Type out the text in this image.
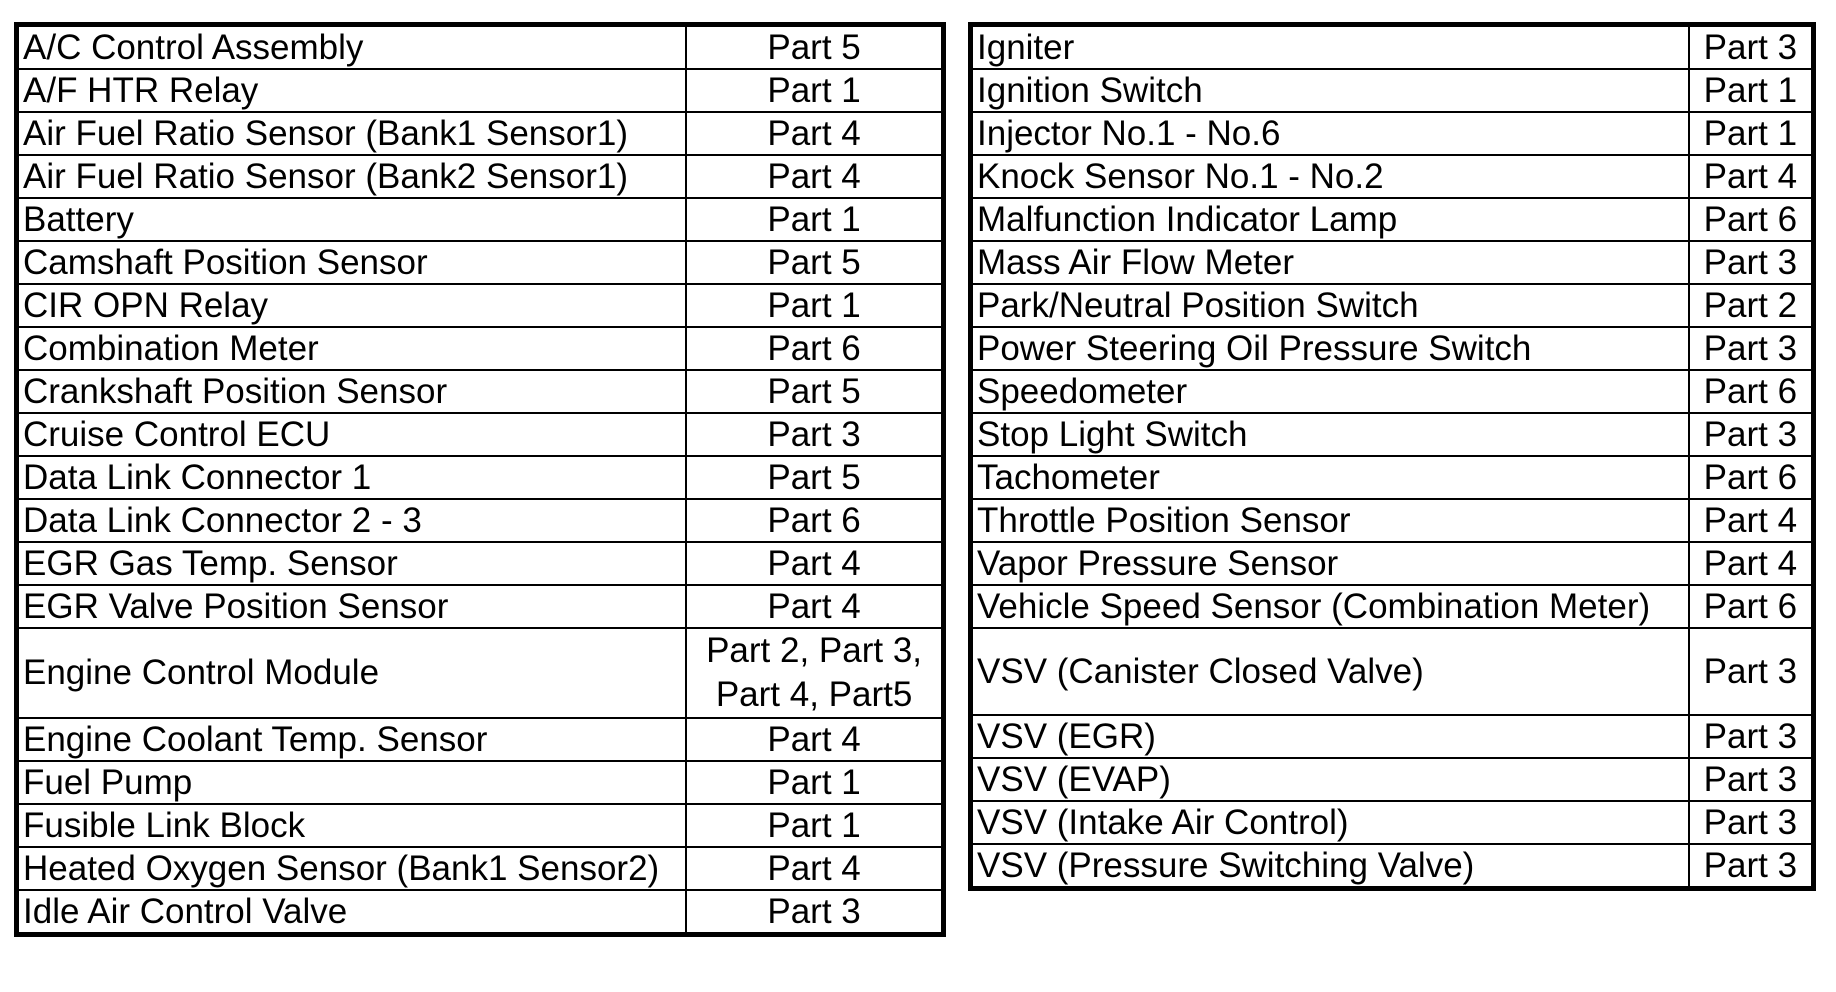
A/C Control Assembly	Part 5
A/F HTR Relay	Part 1
Air Fuel Ratio Sensor (Bank1 Sensor1)	Part 4
Air Fuel Ratio Sensor (Bank2 Sensor1)	Part 4
Battery	Part 1
Camshaft Position Sensor	Part 5
CIR OPN Relay	Part 1
Combination Meter	Part 6
Crankshaft Position Sensor	Part 5
Cruise Control ECU	Part 3
Data Link Connector 1	Part 5
Data Link Connector 2 - 3	Part 6
EGR Gas Temp. Sensor	Part 4
EGR Valve Position Sensor	Part 4
Engine Control Module	Part 2, Part 3,
Part 4, Part5

Engine Coolant Temp. Sensor	Part 4
Fuel Pump	Part 1
Fusible Link Block	Part 1
Heated Oxygen Sensor (Bank1 Sensor2)	Part 4
Idle Air Control Valve	Part 3
Igniter	Part 3
Ignition Switch	Part 1
Injector No.1 - No.6	Part 1
Knock Sensor No.1 - No.2	Part 4
Malfunction Indicator Lamp	Part 6
Mass Air Flow Meter	Part 3
Park/Neutral Position Switch	Part 2
Power Steering Oil Pressure Switch	Part 3
Speedometer	Part 6
Stop Light Switch	Part 3
Tachometer	Part 6
Throttle Position Sensor	Part 4
Vapor Pressure Sensor	Part 4
Vehicle Speed Sensor (Combination Meter)	Part 6
VSV (Canister Closed Valve)	Part 3
VSV (EGR)	Part 3
VSV (EVAP)	Part 3
VSV (Intake Air Control)	Part 3
VSV (Pressure Switching Valve)	Part 3
